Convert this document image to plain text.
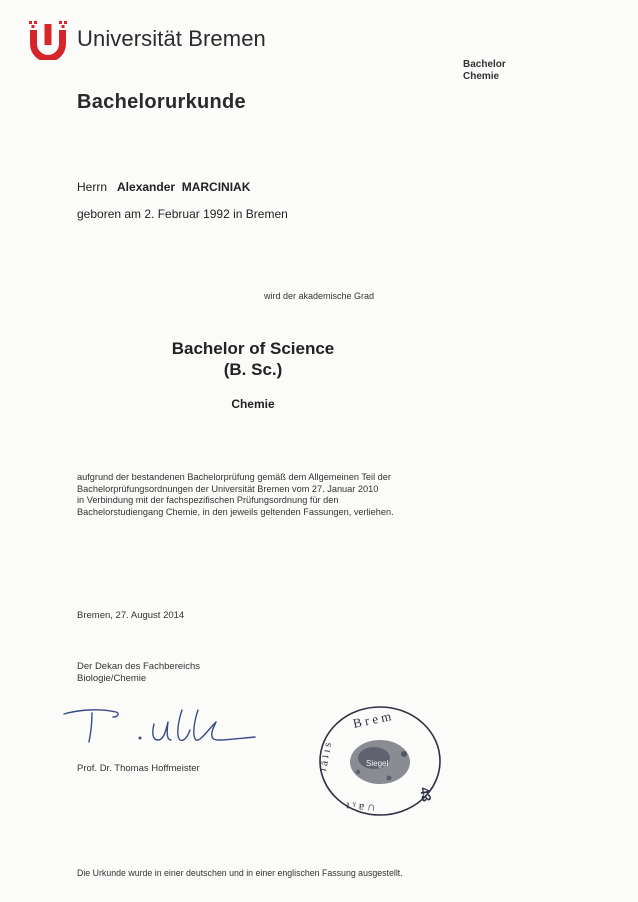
Universität Bremen
Bachelor
Chemie
Bachelorurkunde
Herrn Alexander  MARCINIAK
geboren am 2. Februar 1992 in Bremen
wird der akademische Grad
Bachelor of Science
(B. Sc.)
Chemie
aufgrund der bestandenen Bachelorprüfung gemäß dem Allgemeinen Teil der
Bachelorprüfungsordnungen der Universität Bremen vom 27. Januar 2010
in Verbindung mit der fachspezifischen Prüfungsordnung für den
Bachelorstudiengang Chemie, in den jeweils geltenden Fassungen, verliehen.
Bremen, 27. August 2014
Der Dekan des Fachbereichs
Biologie/Chemie
Prof. Dr. Thomas Hoffmeister
B r e m
ı ᵞ ɐ ∩
ʇ ä ʇ ı s
43
Siegel
Die Urkunde wurde in einer deutschen und in einer englischen Fassung ausgestellt.
